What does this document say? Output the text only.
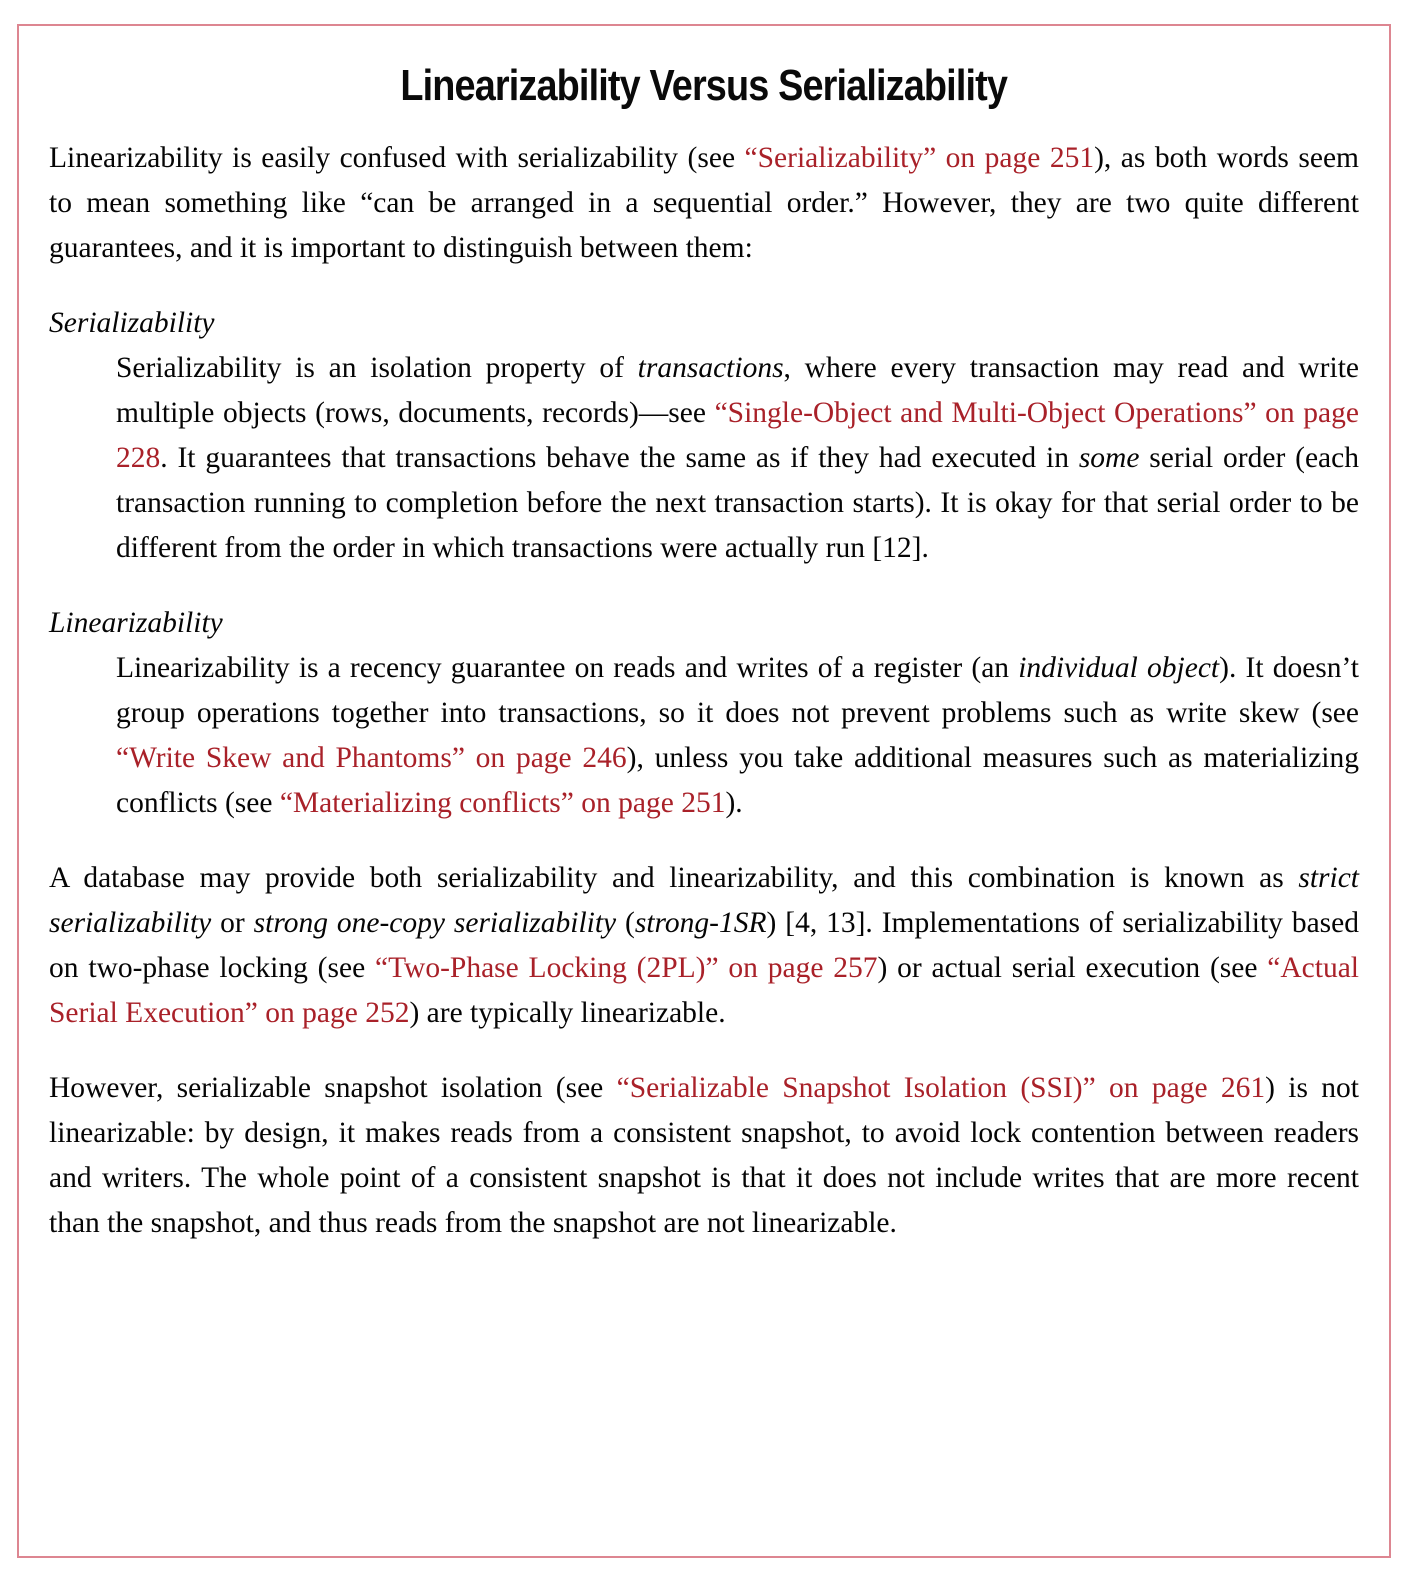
Linearizability Versus Serializability

Linearizability is easily confused with serializability (see “Serializability” on page 251), as both words seem to mean something like “can be arranged in a sequential order.” However, they are two quite different guarantees, and it is important to distinguish between them:

Serializability

Serializability is an isolation property of transactions, where every transaction may read and write multiple objects (rows, documents, records)—see “Single-Object and Multi-Object Operations” on page 228. It guarantees that transactions behave the same as if they had executed in some serial order (each transaction running to completion before the next transaction starts). It is okay for that serial order to be different from the order in which transactions were actually run [12].

Linearizability

Linearizability is a recency guarantee on reads and writes of a register (an individual object). It doesn’t group operations together into transactions, so it does not prevent problems such as write skew (see “Write Skew and Phantoms” on page 246), unless you take additional measures such as materializing conflicts (see “Materializing conflicts” on page 251).

A database may provide both serializability and linearizability, and this combination is known as strict serializability or strong one-copy serializability (strong-1SR) [4, 13]. Implementations of serializability based on two-phase locking (see “Two-Phase Locking (2PL)” on page 257) or actual serial execution (see “Actual Serial Execution” on page 252) are typically linearizable.

However, serializable snapshot isolation (see “Serializable Snapshot Isolation (SSI)” on page 261) is not linearizable: by design, it makes reads from a consistent snapshot, to avoid lock contention between readers and writers. The whole point of a consistent snapshot is that it does not include writes that are more recent than the snapshot, and thus reads from the snapshot are not linearizable.
